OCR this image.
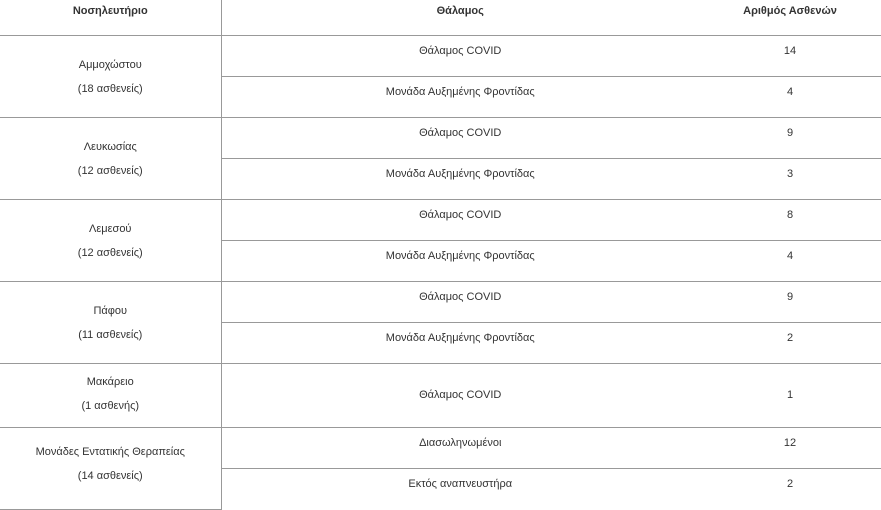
Νοσηλευτήριο	Θάλαμος	Αριθμός Ασθενών

Αμμοχώστου
(18 ασθενείς)	Θάλαμος COVID	14
	Μονάδα Αυξημένης Φροντίδας	4

Λευκωσίας
(12 ασθενείς)	Θάλαμος COVID	9
	Μονάδα Αυξημένης Φροντίδας	3

Λεμεσού
(12 ασθενείς)	Θάλαμος COVID	8
	Μονάδα Αυξημένης Φροντίδας	4

Πάφου
(11 ασθενείς)	Θάλαμος COVID	9
	Μονάδα Αυξημένης Φροντίδας	2

Μακάρειο
(1 ασθενής)	Θάλαμος COVID	1

Μονάδες Εντατικής Θεραπείας
(14 ασθενείς)	Διασωληνωμένοι	12
	Εκτός αναπνευστήρα	2
